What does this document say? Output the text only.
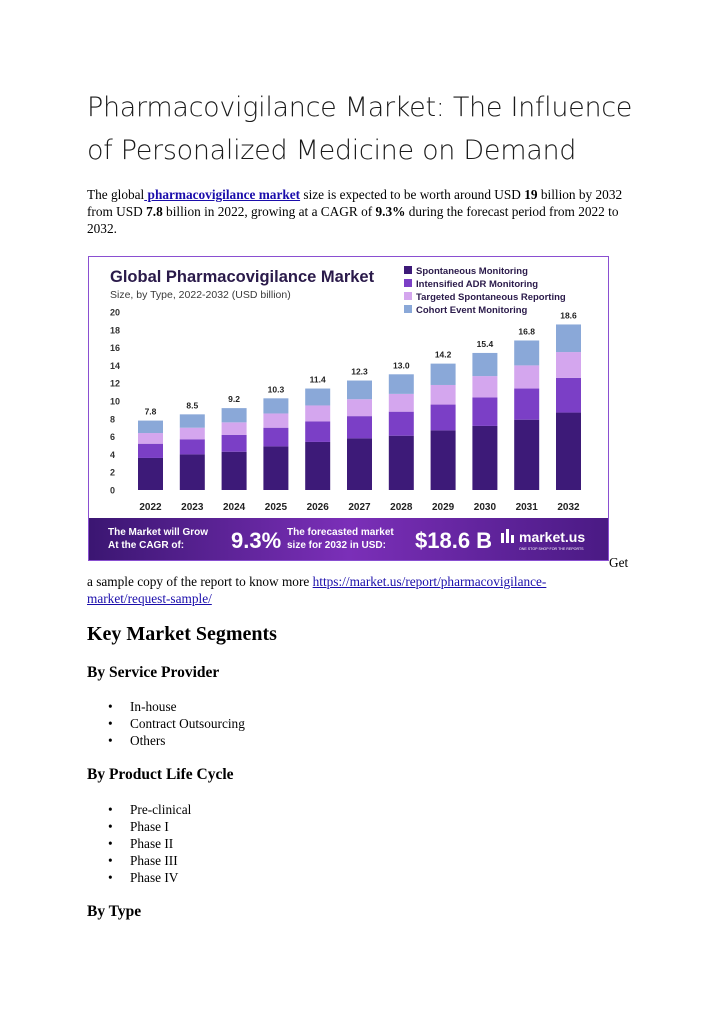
Pharmacovigilance Market: The Influence of Personalized Medicine on Demand

The global pharmacovigilance market size is expected to be worth around USD 19 billion by 2032 from USD 7.8 billion in 2022, growing at a CAGR of 9.3% during the forecast period from 2022 to 2032.

Global Pharmacovigilance Market
Size, by Type, 2022-2032 (USD billion)
Spontaneous Monitoring
Intensified ADR Monitoring
Targeted Spontaneous Reporting
Cohort Event Monitoring
0
2
4
6
8
10
12
14
16
18
20
7.8
8.5
9.2
10.3
11.4
12.3
13.0
14.2
15.4
16.8
18.6
2022 2023 2024 2025 2026 2027 2028 2029 2030 2031 2032
The Market will Grow
At the CAGR of: 9.3% The forecasted market
size for 2032 in USD: $18.6 B market.us
ONE STOP SHOP FOR THE REPORTS
Get

a sample copy of the report to know more https://market.us/report/pharmacovigilance-market/request-sample/

Key Market Segments
By Service Provider
• In-house
• Contract Outsourcing
• Others
By Product Life Cycle
• Pre-clinical
• Phase I
• Phase II
• Phase III
• Phase IV
By Type
